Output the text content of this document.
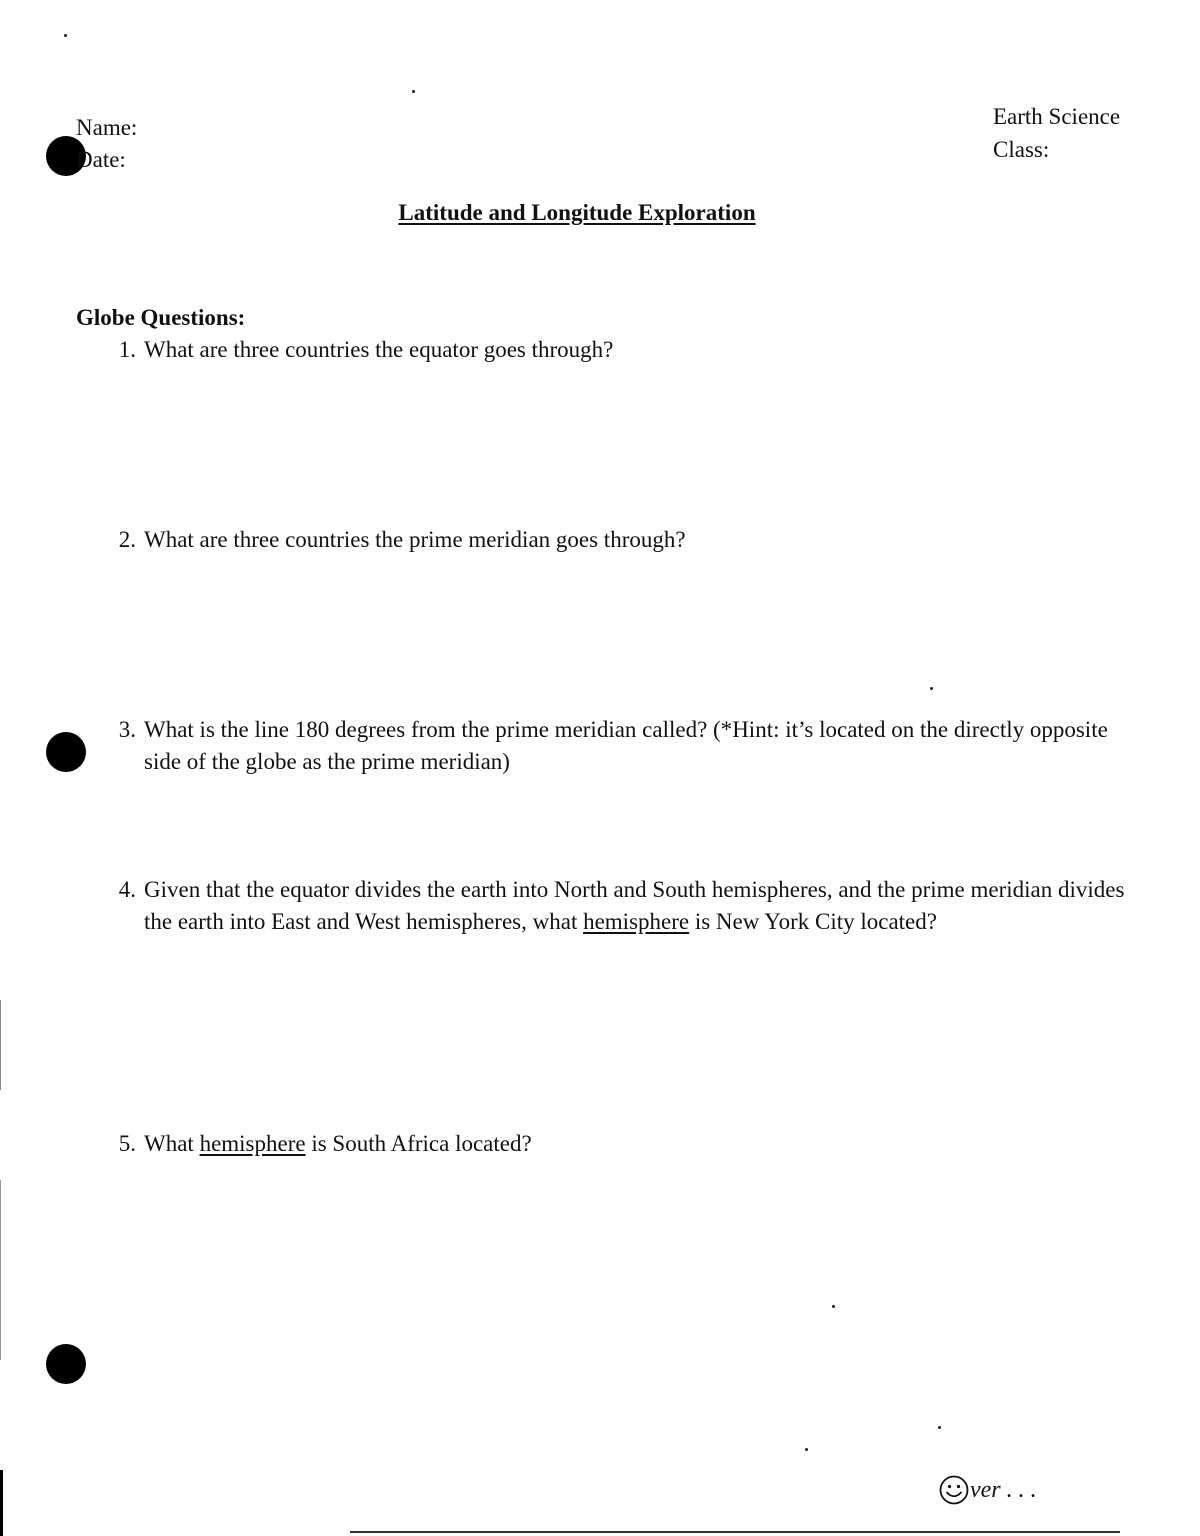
Name:
Date:
Earth Science
Class:
Latitude and Longitude Exploration
Globe Questions:
1. What are three countries the equator goes through?
2. What are three countries the prime meridian goes through?
3. What is the line 180 degrees from the prime meridian called? (*Hint: it’s located on the directly opposite side of the globe as the prime meridian)
4. Given that the equator divides the earth into North and South hemispheres, and the prime meridian divides the earth into East and West hemispheres, what hemisphere is New York City located?
5. What hemisphere is South Africa located?
ver . . .
